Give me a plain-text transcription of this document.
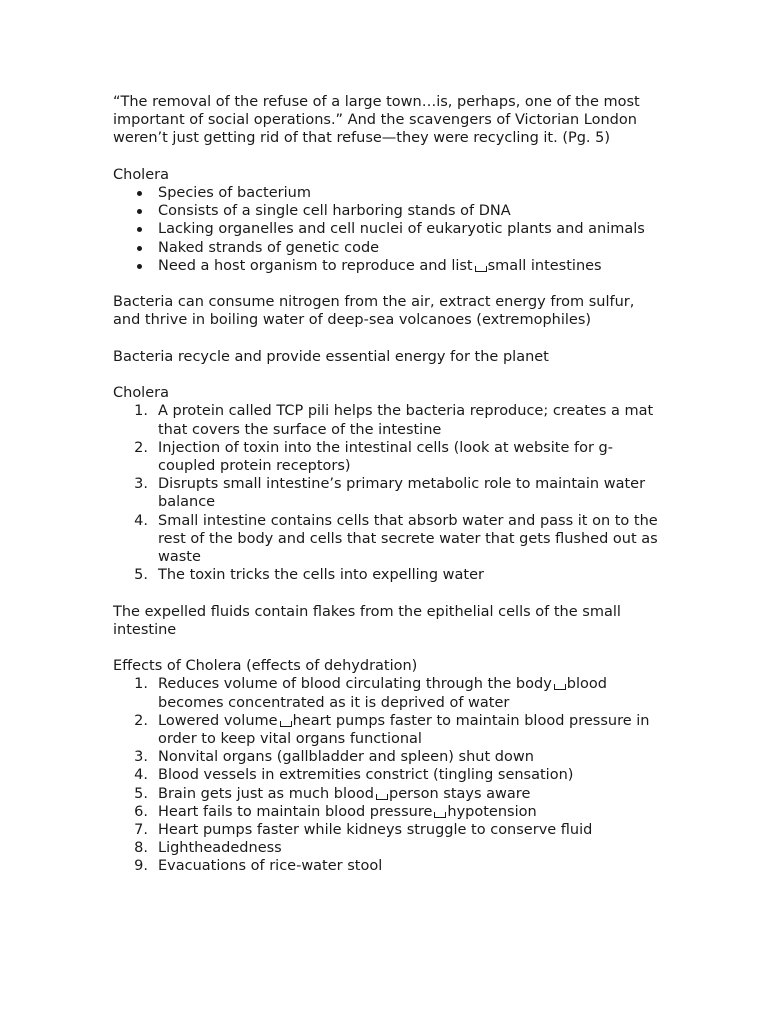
“The removal of the refuse of a large town…is, perhaps, one of the most important of social operations.” And the scavengers of Victorian London weren’t just getting rid of that refuse—they were recycling it. (Pg. 5)

Cholera

Species of bacterium
Consists of a single cell harboring stands of DNA
Lacking organelles and cell nuclei of eukaryotic plants and animals
Naked strands of genetic code
Need a host organism to reproduce and list small intestines

Bacteria can consume nitrogen from the air, extract energy from sulfur, and thrive in boiling water of deep-sea volcanoes (extremophiles)

Bacteria recycle and provide essential energy for the planet

Cholera

1. A protein called TCP pili helps the bacteria reproduce; creates a mat that covers the surface of the intestine
2. Injection of toxin into the intestinal cells (look at website for g-coupled protein receptors)
3. Disrupts small intestine’s primary metabolic role to maintain water balance
4. Small intestine contains cells that absorb water and pass it on to the rest of the body and cells that secrete water that gets flushed out as waste
5. The toxin tricks the cells into expelling water

The expelled fluids contain flakes from the epithelial cells of the small intestine

Effects of Cholera (effects of dehydration)

1. Reduces volume of blood circulating through the body blood becomes concentrated as it is deprived of water
2. Lowered volume heart pumps faster to maintain blood pressure in order to keep vital organs functional
3. Nonvital organs (gallbladder and spleen) shut down
4. Blood vessels in extremities constrict (tingling sensation)
5. Brain gets just as much blood person stays aware
6. Heart fails to maintain blood pressure hypotension
7. Heart pumps faster while kidneys struggle to conserve fluid
8. Lightheadedness
9. Evacuations of rice-water stool
